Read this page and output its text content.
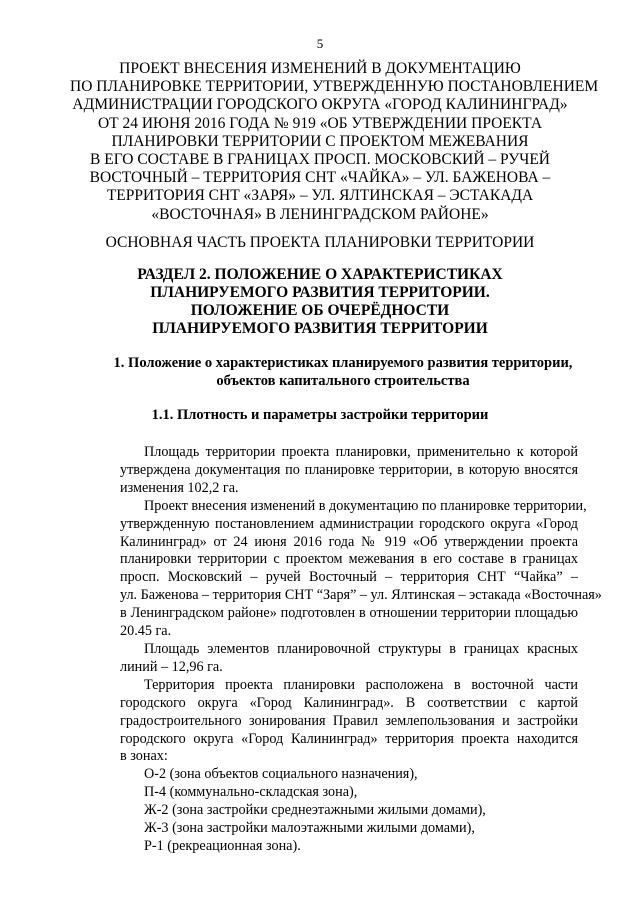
5
ПРОЕКТ ВНЕСЕНИЯ ИЗМЕНЕНИЙ В ДОКУМЕНТАЦИЮ
ПО ПЛАНИРОВКЕ ТЕРРИТОРИИ, УТВЕРЖДЕННУЮ ПОСТАНОВЛЕНИЕМ
АДМИНИСТРАЦИИ ГОРОДСКОГО ОКРУГА «ГОРОД КАЛИНИНГРАД»
ОТ 24 ИЮНЯ 2016 ГОДА № 919 «ОБ УТВЕРЖДЕНИИ ПРОЕКТА
ПЛАНИРОВКИ ТЕРРИТОРИИ С ПРОЕКТОМ МЕЖЕВАНИЯ
В ЕГО СОСТАВЕ В ГРАНИЦАХ ПРОСП. МОСКОВСКИЙ – РУЧЕЙ
ВОСТОЧНЫЙ – ТЕРРИТОРИЯ СНТ «ЧАЙКА» – УЛ. БАЖЕНОВА –
ТЕРРИТОРИЯ СНТ «ЗАРЯ» – УЛ. ЯЛТИНСКАЯ – ЭСТАКАДА
«ВОСТОЧНАЯ» В ЛЕНИНГРАДСКОМ РАЙОНЕ»
ОСНОВНАЯ ЧАСТЬ ПРОЕКТА ПЛАНИРОВКИ ТЕРРИТОРИИ
РАЗДЕЛ 2. ПОЛОЖЕНИЕ О ХАРАКТЕРИСТИКАХ
ПЛАНИРУЕМОГО РАЗВИТИЯ ТЕРРИТОРИИ.
ПОЛОЖЕНИЕ ОБ ОЧЕРЁДНОСТИ
ПЛАНИРУЕМОГО РАЗВИТИЯ ТЕРРИТОРИИ
1. Положение о характеристиках планируемого развития территории,
объектов капитального строительства
1.1. Плотность и параметры застройки территории
Площадь территории проекта планировки, применительно к которой
утверждена документация по планировке территории, в которую вносятся
изменения 102,2 га.
Проект внесения изменений в документацию по планировке территории,
утвержденную постановлением администрации городского округа «Город
Калининград» от 24 июня 2016 года № 919 «Об утверждении проекта
планировки территории с проектом межевания в его составе в границах
просп. Московский – ручей Восточный – территория СНТ “Чайка” –
ул. Баженова – территория СНТ “Заря” – ул. Ялтинская – эстакада «Восточная»
в Ленинградском районе» подготовлен в отношении территории площадью
20.45 га.
Площадь элементов планировочной структуры в границах красных
линий – 12,96 га.
Территория проекта планировки расположена в восточной части
городского округа «Город Калининград». В соответствии с картой
градостроительного зонирования Правил землепользования и застройки
городского округа «Город Калининград» территория проекта находится
в зонах:
О-2 (зона объектов социального назначения),
П-4 (коммунально-складская зона),
Ж-2 (зона застройки среднеэтажными жилыми домами),
Ж-3 (зона застройки малоэтажными жилыми домами),
Р-1 (рекреационная зона).
